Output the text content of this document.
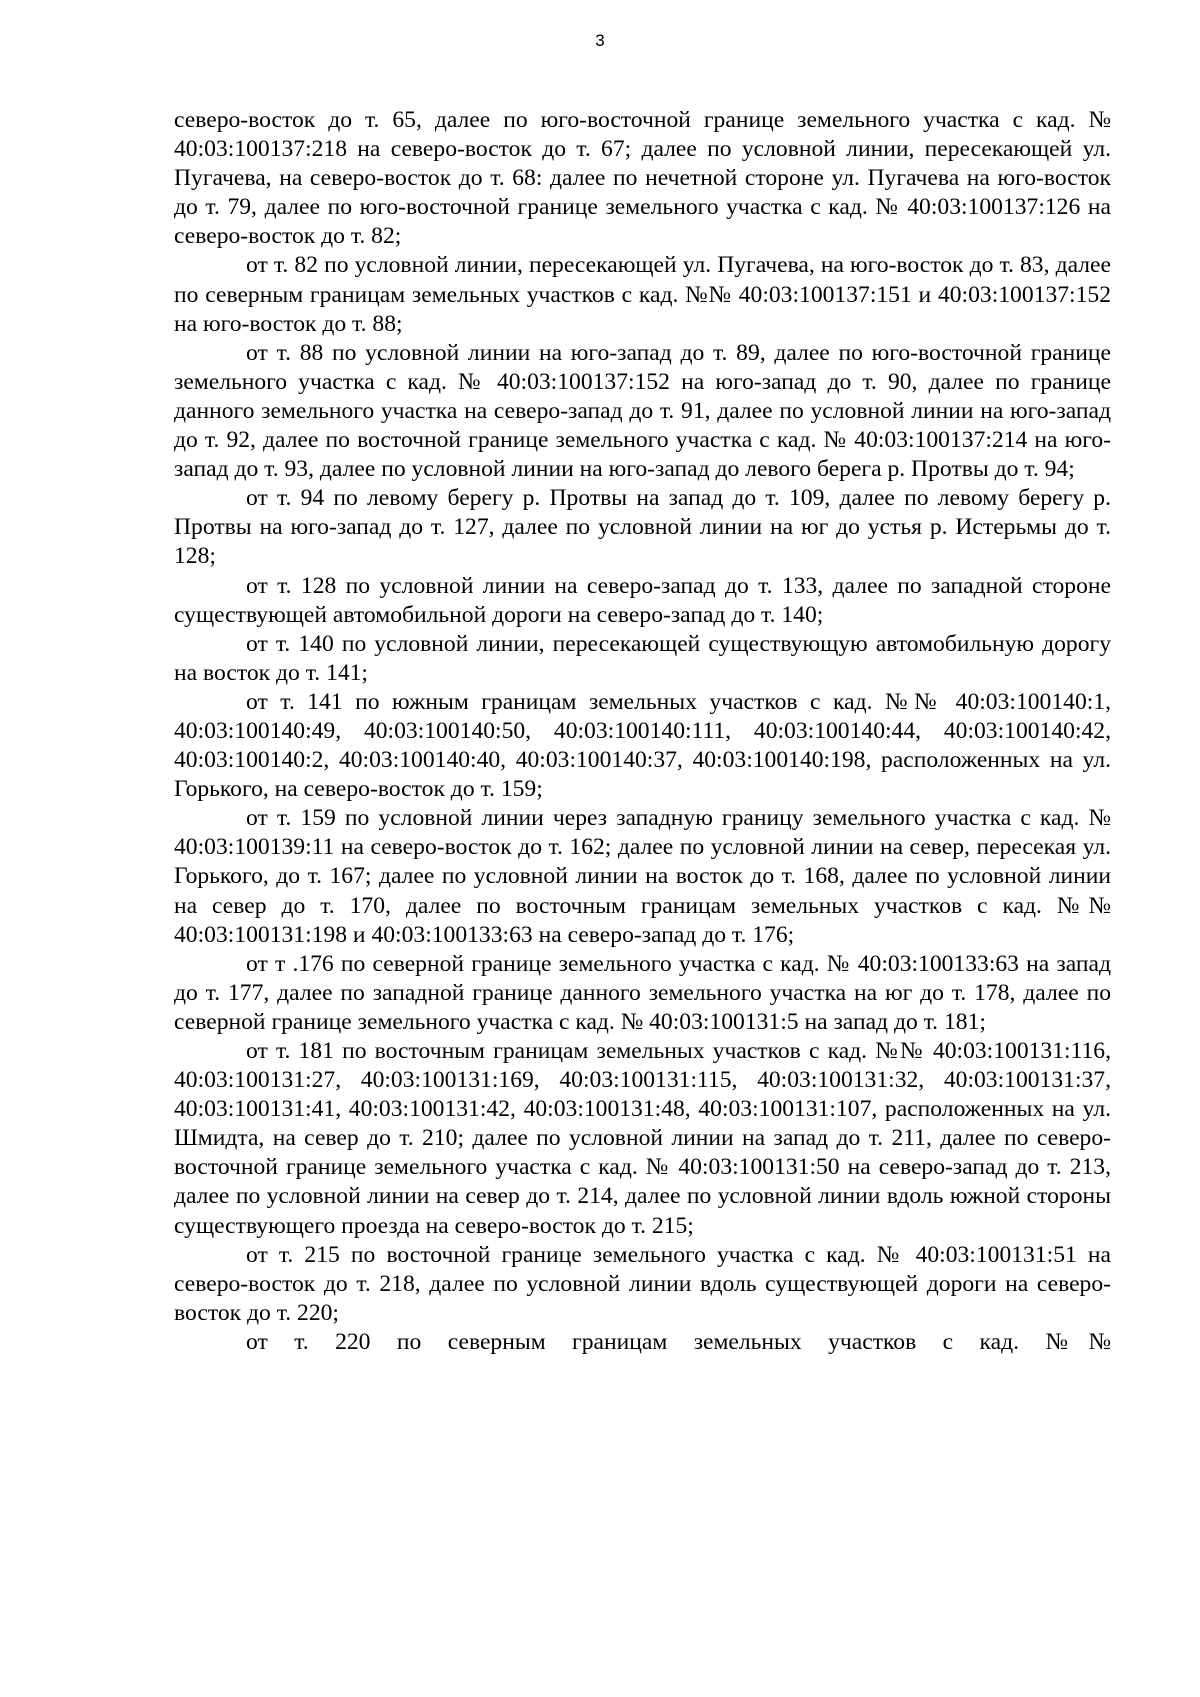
3

северо-восток до т. 65, далее по юго-восточной границе земельного участка с кад. № 40:03:100137:218 на северо-восток до т. 67; далее по условной линии, пересекающей ул. Пугачева, на северо-восток до т. 68: далее по нечетной стороне ул. Пугачева на юго-восток до т. 79, далее по юго-восточной границе земельного участка с кад. № 40:03:100137:126 на северо-восток до т. 82;

от т. 82 по условной линии, пересекающей ул. Пугачева, на юго-восток до т. 83, далее по северным границам земельных участков с кад. №№ 40:03:100137:151 и 40:03:100137:152 на юго-восток до т. 88;

от т. 88 по условной линии на юго-запад до т. 89, далее по юго-восточной границе земельного участка с кад. № 40:03:100137:152 на юго-запад до т. 90, далее по границе данного земельного участка на северо-запад до т. 91, далее по условной линии на юго-запад до т. 92, далее по восточной границе земельного участка с кад. № 40:03:100137:214 на юго-запад до т. 93, далее по условной линии на юго-запад до левого берега р. Протвы до т. 94;

от т. 94 по левому берегу р. Протвы на запад до т. 109, далее по левому берегу р. Протвы на юго-запад до т. 127, далее по условной линии на юг до устья р. Истерьмы до т. 128;

от т. 128 по условной линии на северо-запад до т. 133, далее по западной стороне существующей автомобильной дороги на северо-запад до т. 140;

от т. 140 по условной линии, пересекающей существующую автомобильную дорогу на восток до т. 141;

от т. 141 по южным границам земельных участков с кад. №№ 40:03:100140:1, 40:03:100140:49, 40:03:100140:50, 40:03:100140:111, 40:03:100140:44, 40:03:100140:42, 40:03:100140:2, 40:03:100140:40, 40:03:100140:37, 40:03:100140:198, расположенных на ул. Горького, на северо-восток до т. 159;

от т. 159 по условной линии через западную границу земельного участка с кад. № 40:03:100139:11 на северо-восток до т. 162; далее по условной линии на север, пересекая ул. Горького, до т. 167; далее по условной линии на восток до т. 168, далее по условной линии на север до т. 170, далее по восточным границам земельных участков с кад. №№ 40:03:100131:198 и 40:03:100133:63 на северо-запад до т. 176;

от т .176 по северной границе земельного участка с кад. № 40:03:100133:63 на запад до т. 177, далее по западной границе данного земельного участка на юг до т. 178, далее по северной границе земельного участка с кад. № 40:03:100131:5 на запад до т. 181;

от т. 181 по восточным границам земельных участков с кад. №№ 40:03:100131:116, 40:03:100131:27, 40:03:100131:169, 40:03:100131:115, 40:03:100131:32, 40:03:100131:37, 40:03:100131:41, 40:03:100131:42, 40:03:100131:48, 40:03:100131:107, расположенных на ул. Шмидта, на север до т. 210; далее по условной линии на запад до т. 211, далее по северо-восточной границе земельного участка с кад. № 40:03:100131:50 на северо-запад до т. 213, далее по условной линии на север до т. 214, далее по условной линии вдоль южной стороны существующего проезда на северо-восток до т. 215;

от т. 215 по восточной границе земельного участка с кад. № 40:03:100131:51 на северо-восток до т. 218, далее по условной линии вдоль существующей дороги на северо-восток до т. 220;

от т. 220 по северным границам земельных участков с кад. №№
